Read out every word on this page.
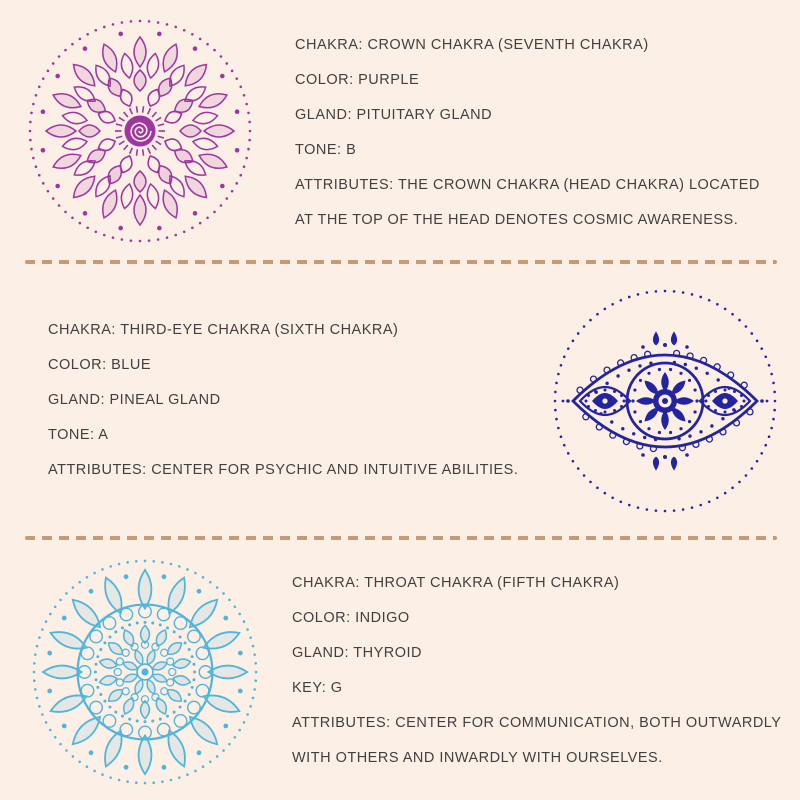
CHAKRA: CROWN CHAKRA (SEVENTH CHAKRA)

COLOR: PURPLE

GLAND: PITUITARY GLAND

TONE: B

ATTRIBUTES: THE CROWN CHAKRA (HEAD CHAKRA) LOCATED AT THE TOP OF THE HEAD DENOTES COSMIC AWARENESS.

CHAKRA: THIRD-EYE CHAKRA (SIXTH CHAKRA)

COLOR: BLUE

GLAND: PINEAL GLAND

TONE: A

ATTRIBUTES: CENTER FOR PSYCHIC AND INTUITIVE ABILITIES.

CHAKRA: THROAT CHAKRA (FIFTH CHAKRA)

COLOR: INDIGO

GLAND: THYROID

KEY: G

ATTRIBUTES: CENTER FOR COMMUNICATION, BOTH OUTWARDLY WITH OTHERS AND INWARDLY WITH OURSELVES.
